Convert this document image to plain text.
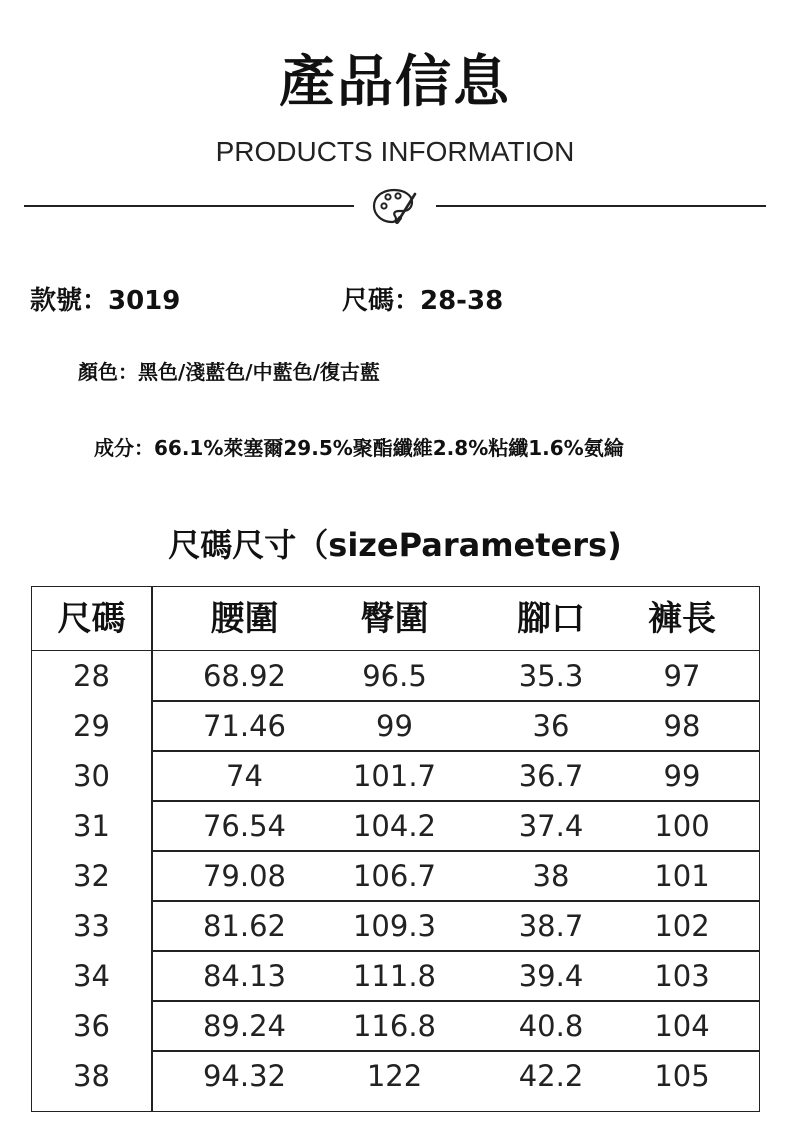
產品信息
PRODUCTS INFORMATION
款號：3019	尺碼：28-38
顏色：黑色/淺藍色/中藍色/復古藍
成分：66.1%萊塞爾29.5%聚酯纖維2.8%粘纖1.6%氨綸
尺碼尺寸（sizeParameters)
尺碼	腰圍	臀圍	腳口	褲長
28	68.92	96.5	35.3	97
29	71.46	99	36	98
30	74	101.7	36.7	99
31	76.54	104.2	37.4	100
32	79.08	106.7	38	101
33	81.62	109.3	38.7	102
34	84.13	111.8	39.4	103
36	89.24	116.8	40.8	104
38	94.32	122	42.2	105
